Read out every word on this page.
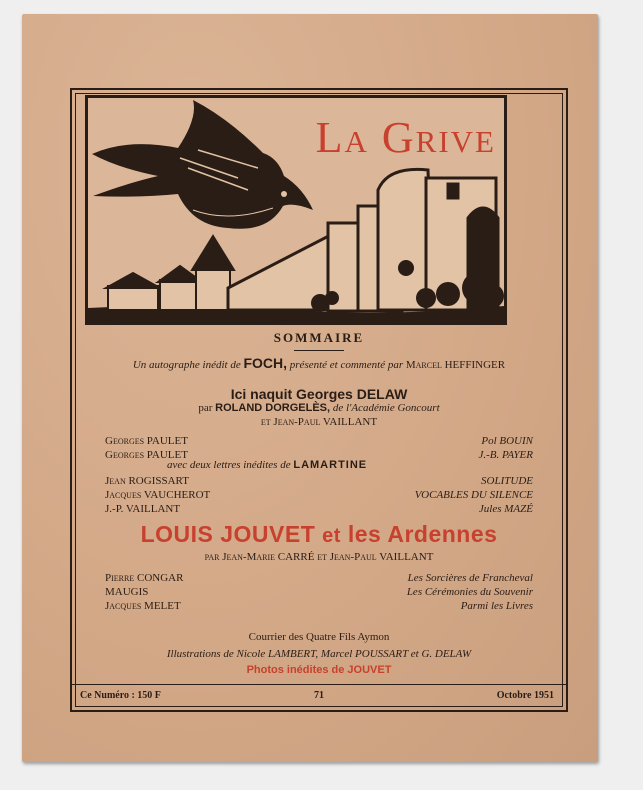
La Grive
SOMMAIRE
Un autographe inédit de FOCH, présenté et commenté par Marcel HEFFINGER
Ici naquit Georges DELAW
par ROLAND DORGELÈS, de l'Académie Goncourt
et Jean-Paul VAILLANT
Georges PAULET	Pol BOUIN
Georges PAULET	J.-B. PAYER
avec deux lettres inédites de LAMARTINE
Jean ROGISSART	SOLITUDE
Jacques VAUCHEROT	VOCABLES DU SILENCE
J.-P. VAILLANT	Jules MAZÉ
LOUIS JOUVET et les Ardennes
par Jean-Marie CARRÉ et Jean-Paul VAILLANT
Pierre CONGAR	Les Sorcières de Francheval
MAUGIS	Les Cérémonies du Souvenir
Jacques MELET	Parmi les Livres
Courrier des Quatre Fils Aymon
Illustrations de Nicole LAMBERT, Marcel POUSSART et G. DELAW
Photos inédites de JOUVET
Ce Numéro : 150 F	71	Octobre 1951
